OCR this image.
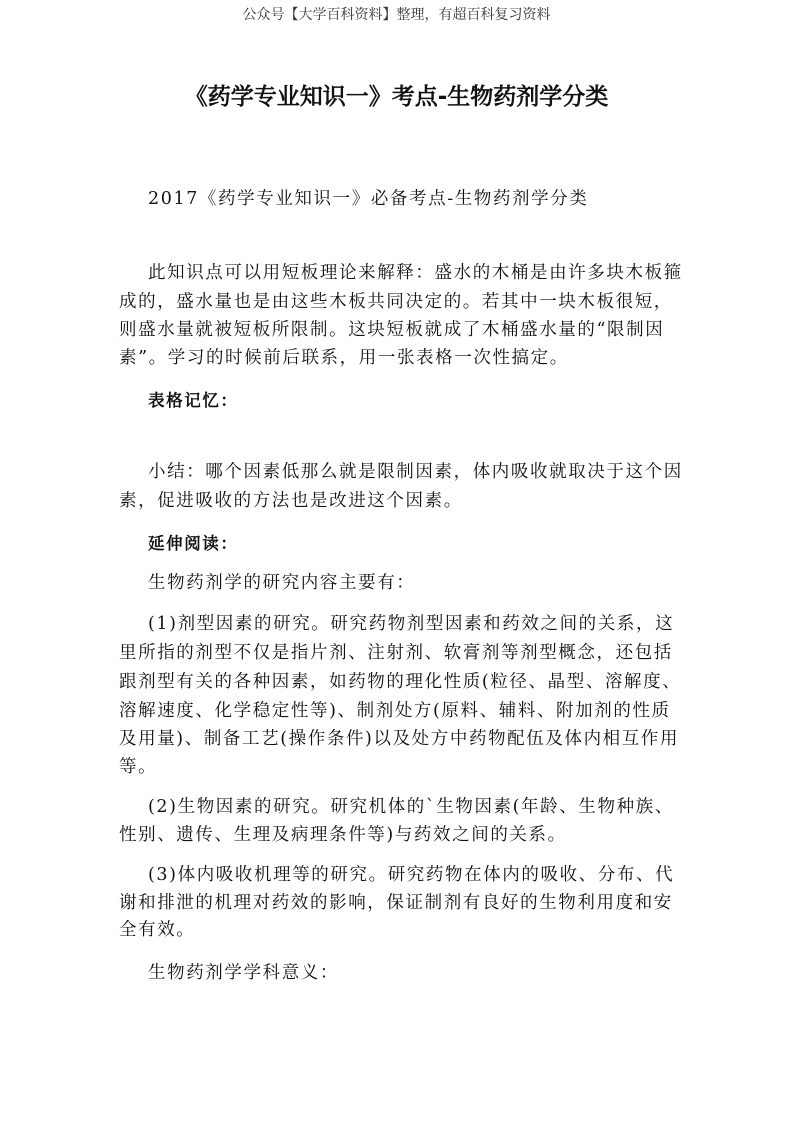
公众号【大学百科资料】整理，有超百科复习资料
《药学专业知识一》考点-生物药剂学分类
2017《药学专业知识一》必备考点-生物药剂学分类
此知识点可以用短板理论来解释：盛水的木桶是由许多块木板箍
成的，盛水量也是由这些木板共同决定的。若其中一块木板很短，
则盛水量就被短板所限制。这块短板就成了木桶盛水量的“限制因
素”。学习的时候前后联系，用一张表格一次性搞定。
表格记忆：
小结：哪个因素低那么就是限制因素，体内吸收就取决于这个因
素，促进吸收的方法也是改进这个因素。
延伸阅读：
生物药剂学的研究内容主要有：
(1)剂型因素的研究。研究药物剂型因素和药效之间的关系，这
里所指的剂型不仅是指片剂、注射剂、软膏剂等剂型概念，还包括
跟剂型有关的各种因素，如药物的理化性质(粒径、晶型、溶解度、
溶解速度、化学稳定性等)、制剂处方(原料、辅料、附加剂的性质
及用量)、制备工艺(操作条件)以及处方中药物配伍及体内相互作用
等。
(2)生物因素的研究。研究机体的`生物因素(年龄、生物种族、
性别、遗传、生理及病理条件等)与药效之间的关系。
(3)体内吸收机理等的研究。研究药物在体内的吸收、分布、代
谢和排泄的机理对药效的影响，保证制剂有良好的生物利用度和安
全有效。
生物药剂学学科意义：
